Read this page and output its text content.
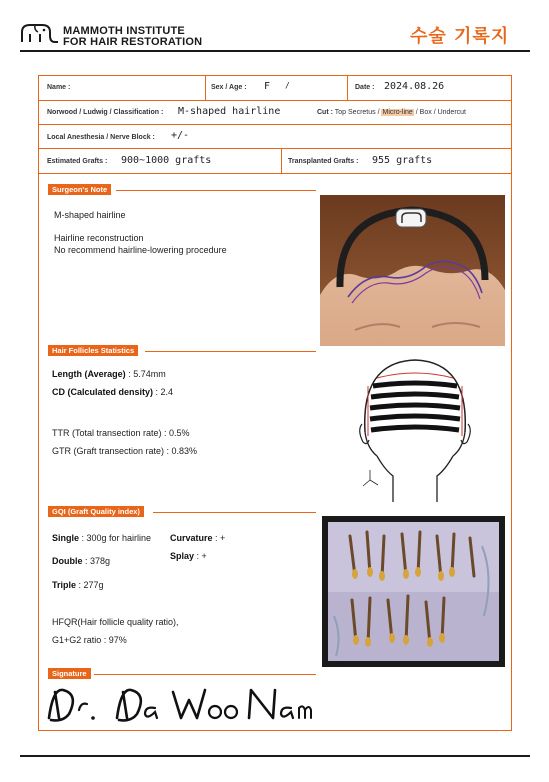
MAMMOTH INSTITUTE
FOR HAIR RESTORATION	수술 기록지
Name :	Sex / Age : F /	Date : 2024.08.26
Norwood / Ludwig / Classification : M-shaped hairline	Cut : Top Secretus / Micro-line / Box / Undercut
Local Anesthesia / Nerve Block : +/-
Estimated Grafts : 900~1000 grafts	Transplanted Grafts : 955 grafts
Surgeon's Note
M-shaped hairline
Hairline reconstruction
No recommend hairline-lowering procedure
Hair Follicles Statistics
Length (Average) : 5.74mm
CD (Calculated density) : 2.4
TTR (Total transection rate) : 0.5%
GTR (Graft transection rate) : 0.83%
GQI (Graft Quality index)
Single : 300g for hairline Curvature : +
Double : 378g	Splay : +
Triple : 277g
HFQR(Hair follicle quality ratio),
G1+G2 ratio : 97%
Signature
